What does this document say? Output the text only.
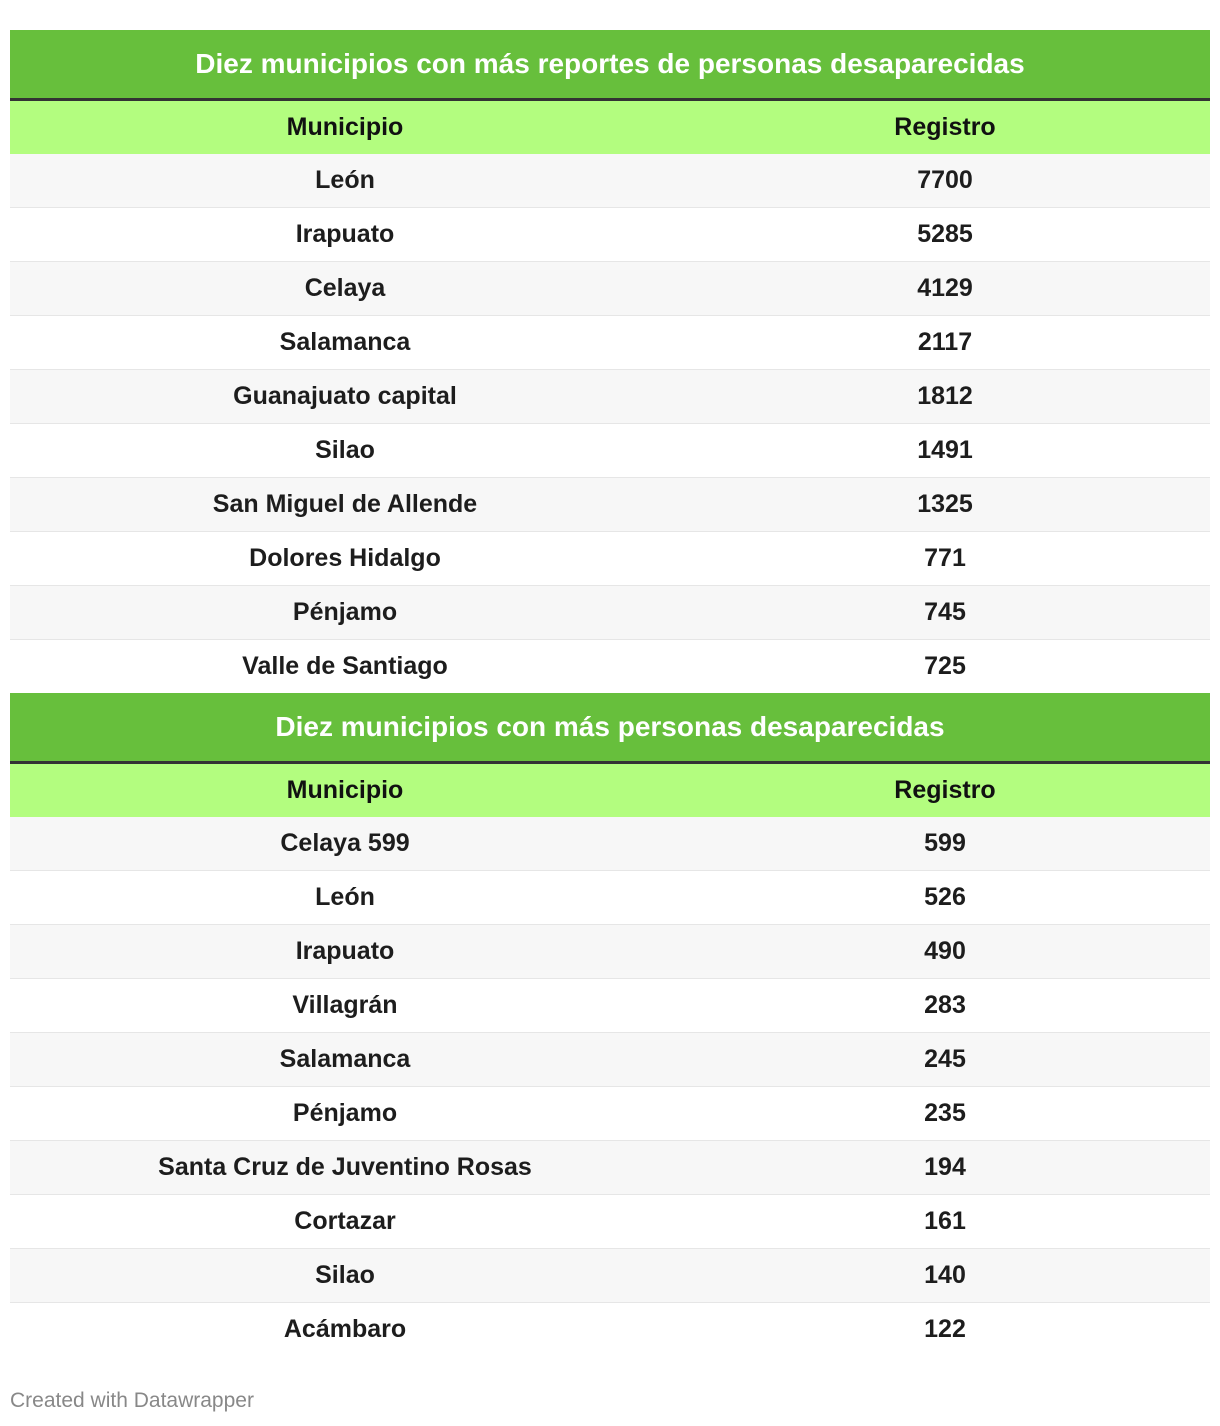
Diez municipios con más reportes de personas desaparecidas
Municipio	Registro
León	7700
Irapuato	5285
Celaya	4129
Salamanca	2117
Guanajuato capital	1812
Silao	1491
San Miguel de Allende	1325
Dolores Hidalgo	771
Pénjamo	745
Valle de Santiago	725
Diez municipios con más personas desaparecidas
Municipio	Registro
Celaya 599	599
León	526
Irapuato	490
Villagrán	283
Salamanca	245
Pénjamo	235
Santa Cruz de Juventino Rosas	194
Cortazar	161
Silao	140
Acámbaro	122
Created with Datawrapper
